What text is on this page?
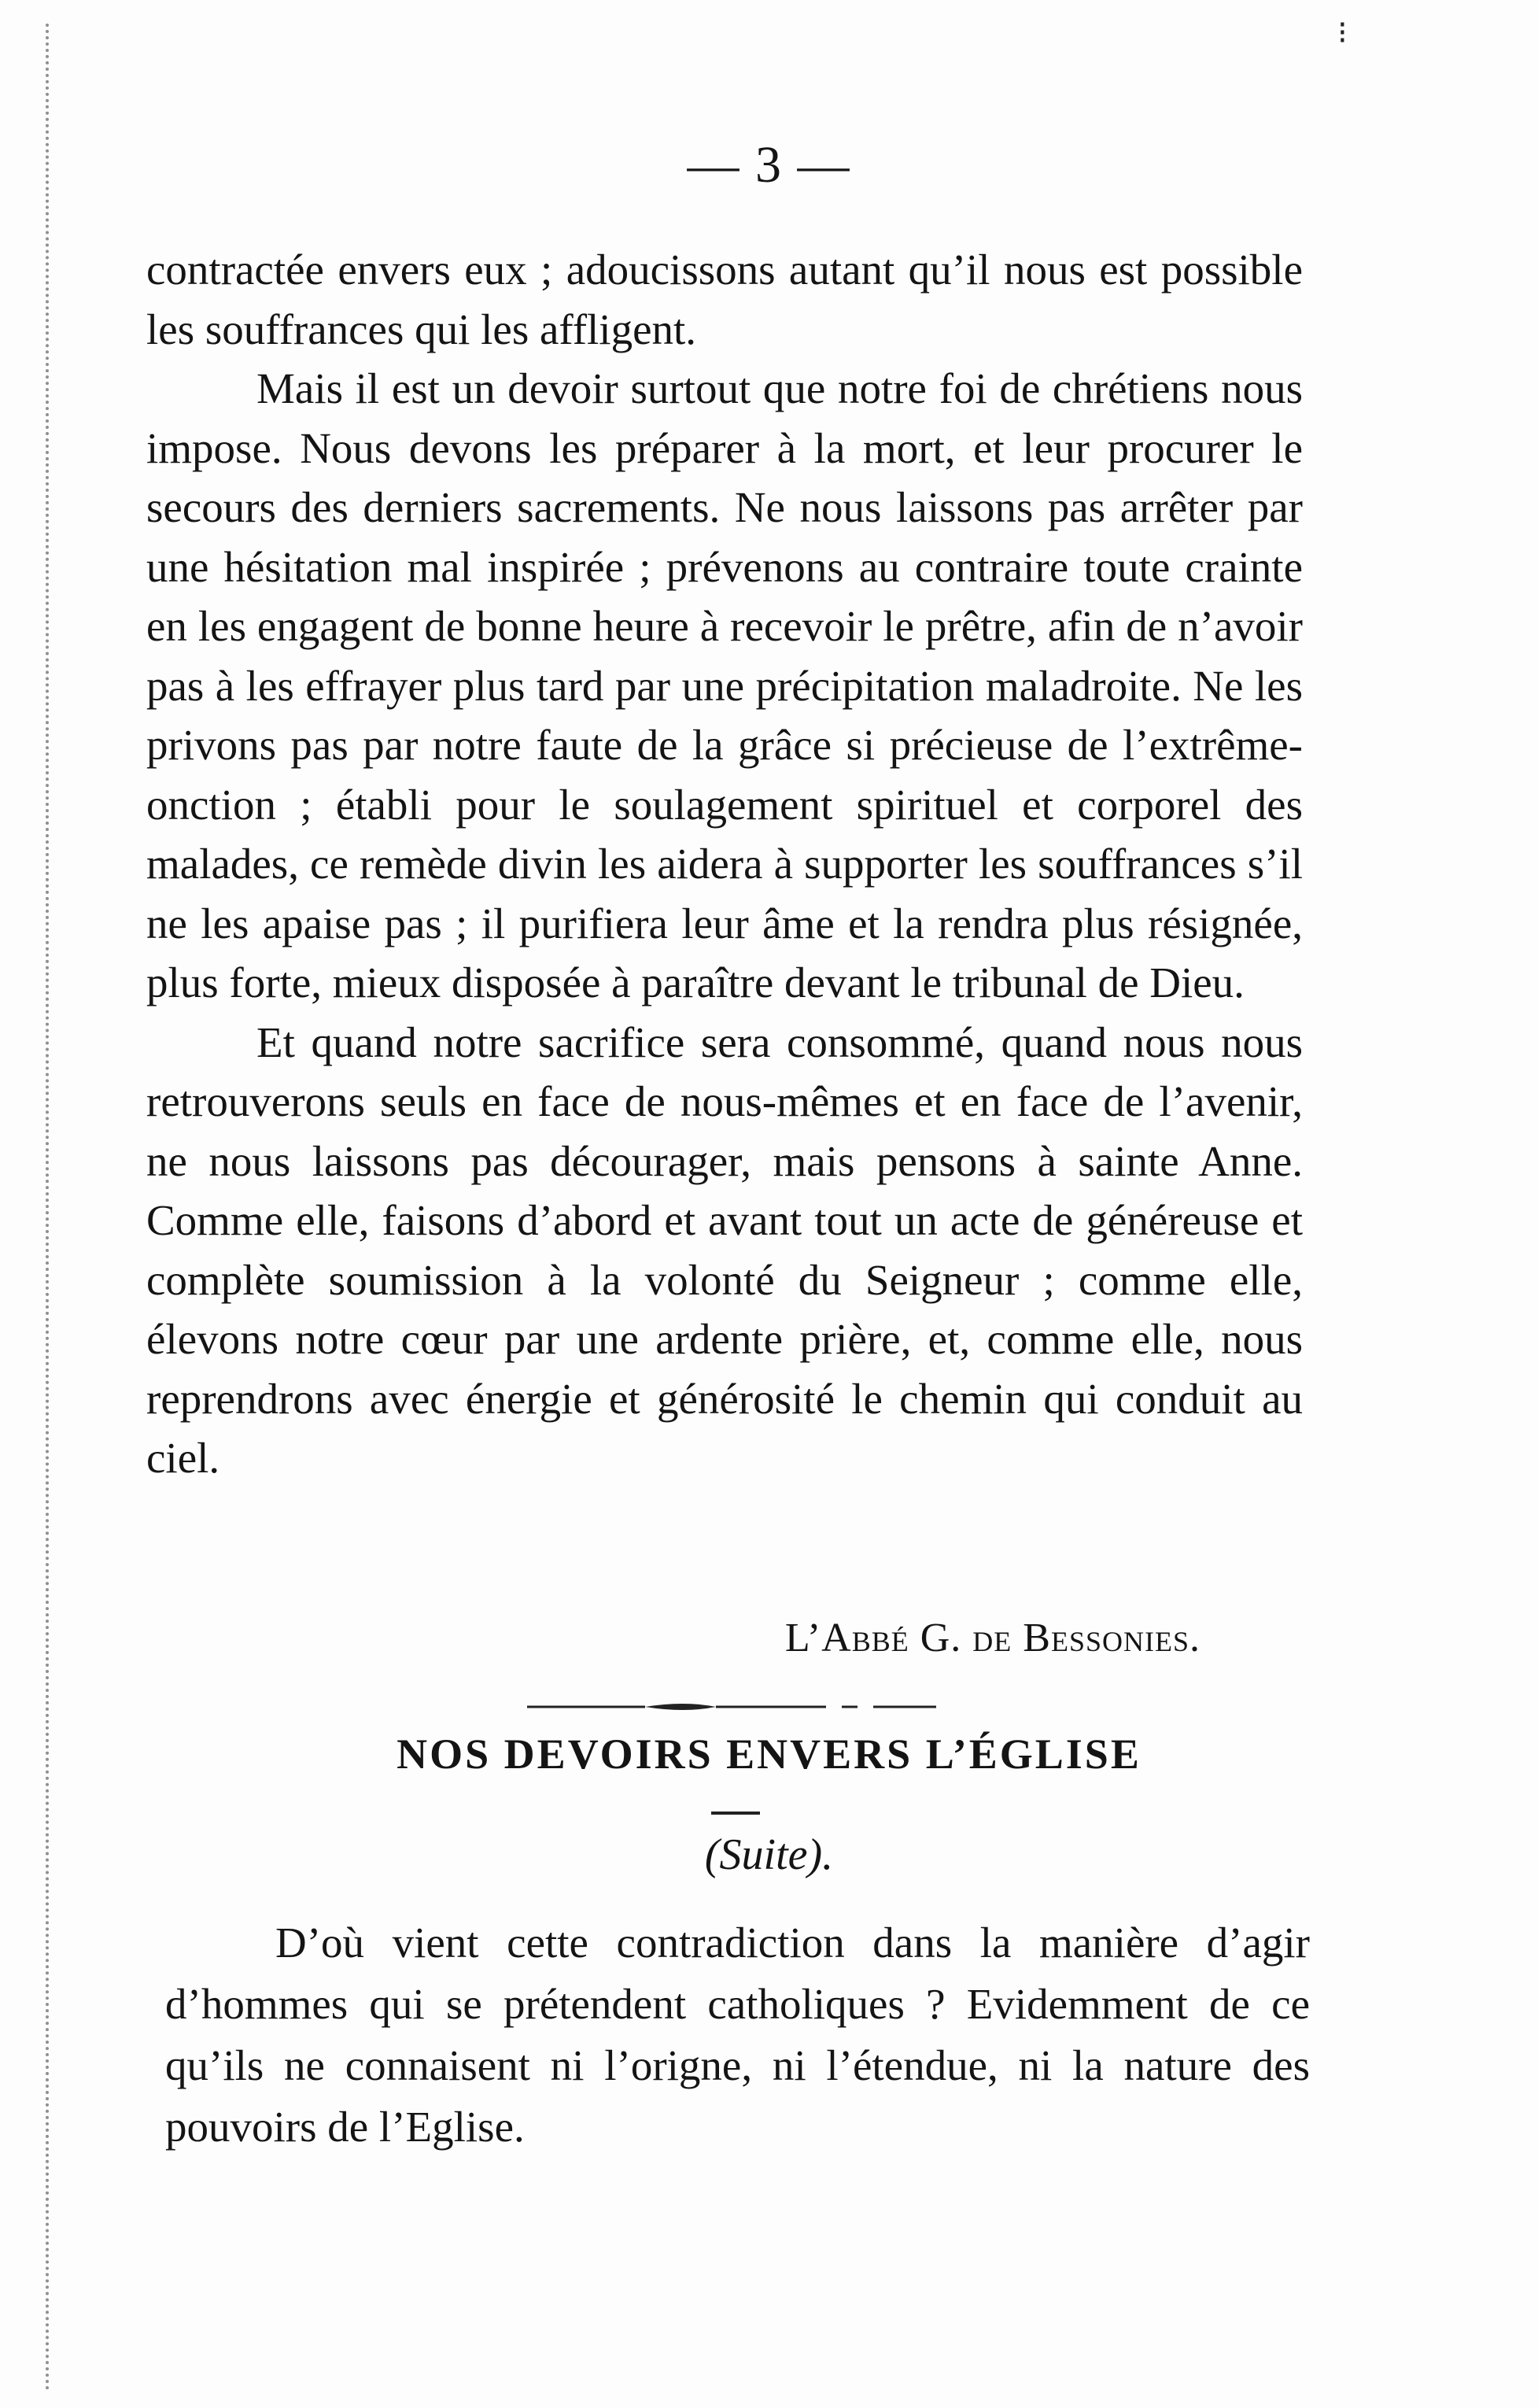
⁝
— 3 —

contractée envers eux ; adoucissons autant qu’il nous est possible les souffrances qui les affligent.

Mais il est un devoir surtout que notre foi de chrétiens nous impose. Nous devons les préparer à la mort, et leur procurer le secours des derniers sacrements. Ne nous laissons pas arrêter par une hésitation mal inspirée ; prévenons au contraire toute crainte en les engagent de bonne heure à recevoir le prêtre, afin de n’avoir pas à les effrayer plus tard par une précipitation maladroite. Ne les privons pas par notre faute de la grâce si précieuse de l’extrême-onction ; établi pour le soulagement spirituel et corporel des malades, ce remède divin les aidera à supporter les souffrances s’il ne les apaise pas ; il purifiera leur âme et la rendra plus résignée, plus forte, mieux disposée à paraître devant le tribunal de Dieu.

Et quand notre sacrifice sera consommé, quand nous nous retrouverons seuls en face de nous-mêmes et en face de l’avenir, ne nous laissons pas décourager, mais pensons à sainte Anne. Comme elle, faisons d’abord et avant tout un acte de généreuse et complète soumission à la volonté du Seigneur ; comme elle, élevons notre cœur par une ardente prière, et, comme elle, nous reprendrons avec énergie et générosité le chemin qui conduit au ciel.

L’Abbé G. de Bessonies.
NOS DEVOIRS ENVERS L’ÉGLISE
(Suite).

D’où vient cette contradiction dans la manière d’agir d’hommes qui se prétendent catholiques ? Evidemment de ce qu’ils ne connaisent ni l’origne, ni l’étendue, ni la nature des pouvoirs de l’Eglise.
